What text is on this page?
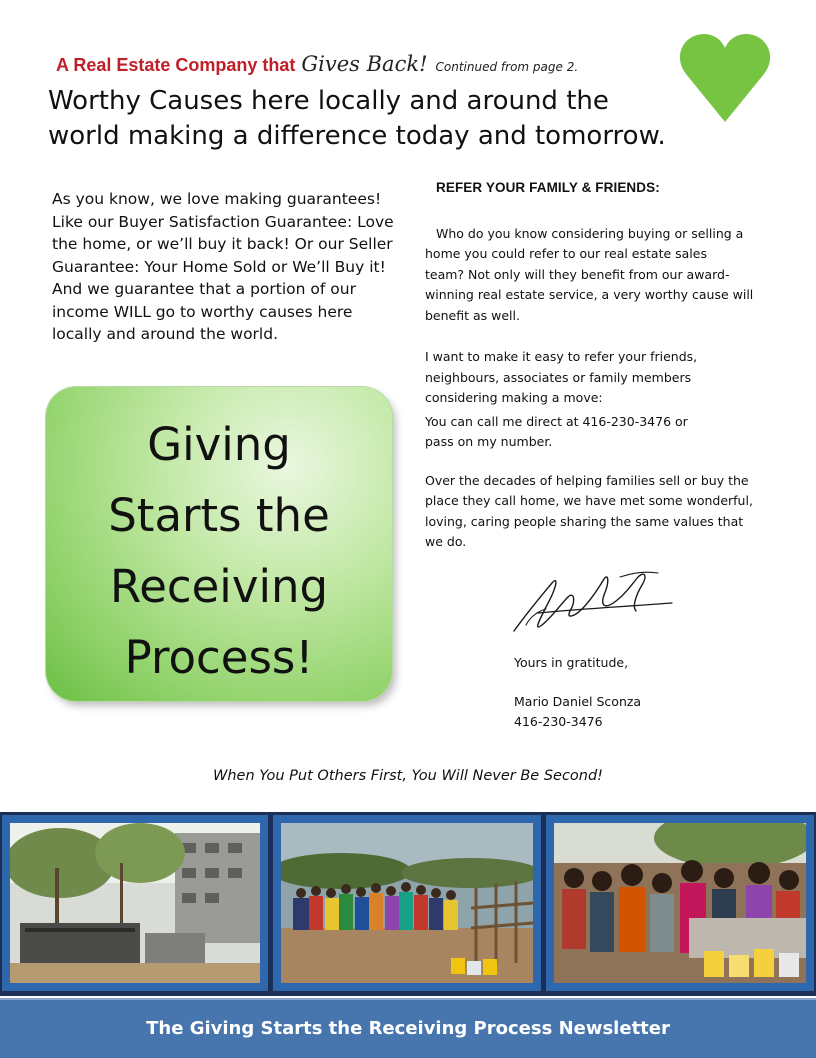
A Real Estate Company that Gives Back! Continued from page 2.
Worthy Causes here locally and around the
world making a difference today and tomorrow.
As you know, we love making guarantees!
Like our Buyer Satisfaction Guarantee: Love
the home, or we’ll buy it back! Or our Seller
Guarantee: Your Home Sold or We’ll Buy it!
And we guarantee that a portion of our
income WILL go to worthy causes here
locally and around the world.

Giving
Starts the
Receiving
Process!

REFER YOUR FAMILY & FRIENDS:

Who do you know considering buying or selling a
home you could refer to our real estate sales
team? Not only will they benefit from our award-
winning real estate service, a very worthy cause will
benefit as well.

I want to make it easy to refer your friends,
neighbours, associates or family members
considering making a move:

You can call me direct at 416-230-3476 or
pass on my number.

Over the decades of helping families sell or buy the
place they call home, we have met some wonderful,
loving, caring people sharing the same values that
we do.

Yours in gratitude,
Mario Daniel Sconza
416-230-3476
When You Put Others First, You Will Never Be Second!
The Giving Starts the Receiving Process Newsletter
